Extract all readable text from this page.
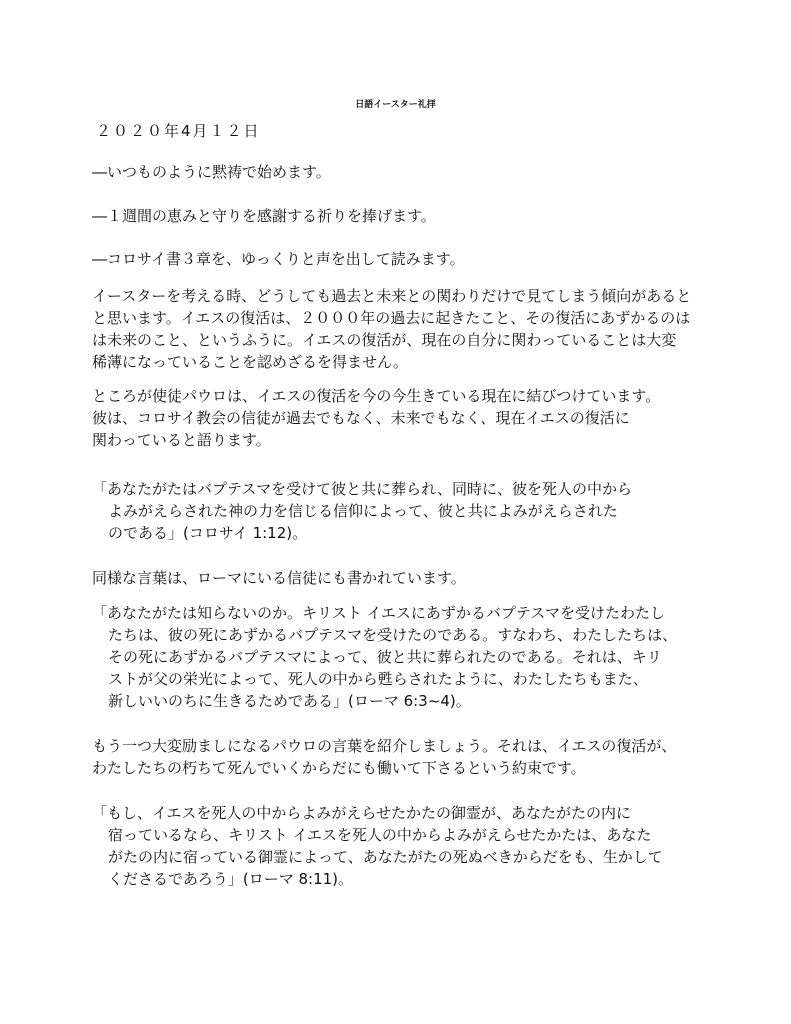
日語イースター礼拝
２０２０年4月１２日
―いつものように黙祷で始めます。
―１週間の恵みと守りを感謝する祈りを捧げます。
―コロサイ書３章を、ゆっくりと声を出して読みます。
イースターを考える時、どうしても過去と未来との関わりだけで見てしまう傾向があると
と思います。イエスの復活は、２０００年の過去に起きたこと、その復活にあずかるのは
は未来のこと、というふうに。イエスの復活が、現在の自分に関わっていることは大変
稀薄になっていることを認めざるを得ません。
ところが使徒パウロは、イエスの復活を今の今生きている現在に結びつけています。
彼は、コロサイ教会の信徒が過去でもなく、未来でもなく、現在イエスの復活に
関わっていると語ります。
「あなたがたはバプテスマを受けて彼と共に葬られ、同時に、彼を死人の中から
よみがえらされた神の力を信じる信仰によって、彼と共によみがえらされた
のである」(コロサイ 1:12)。
同様な言葉は、ローマにいる信徒にも書かれています。
「あなたがたは知らないのか。キリスト イエスにあずかるバプテスマを受けたわたし
たちは、彼の死にあずかるバプテスマを受けたのである。すなわち、わたしたちは、
その死にあずかるバプテスマによって、彼と共に葬られたのである。それは、キリ
ストが父の栄光によって、死人の中から甦らされたように、わたしたちもまた、
新しいいのちに生きるためである」(ローマ 6:3~4)。
もう一つ大変励ましになるパウロの言葉を紹介しましょう。それは、イエスの復活が、
わたしたちの朽ちて死んでいくからだにも働いて下さるという約束です。
「もし、イエスを死人の中からよみがえらせたかたの御霊が、あなたがたの内に
宿っているなら、キリスト イエスを死人の中からよみがえらせたかたは、あなた
がたの内に宿っている御霊によって、あなたがたの死ぬべきからだをも、生かして
くださるであろう」(ローマ 8:11)。
